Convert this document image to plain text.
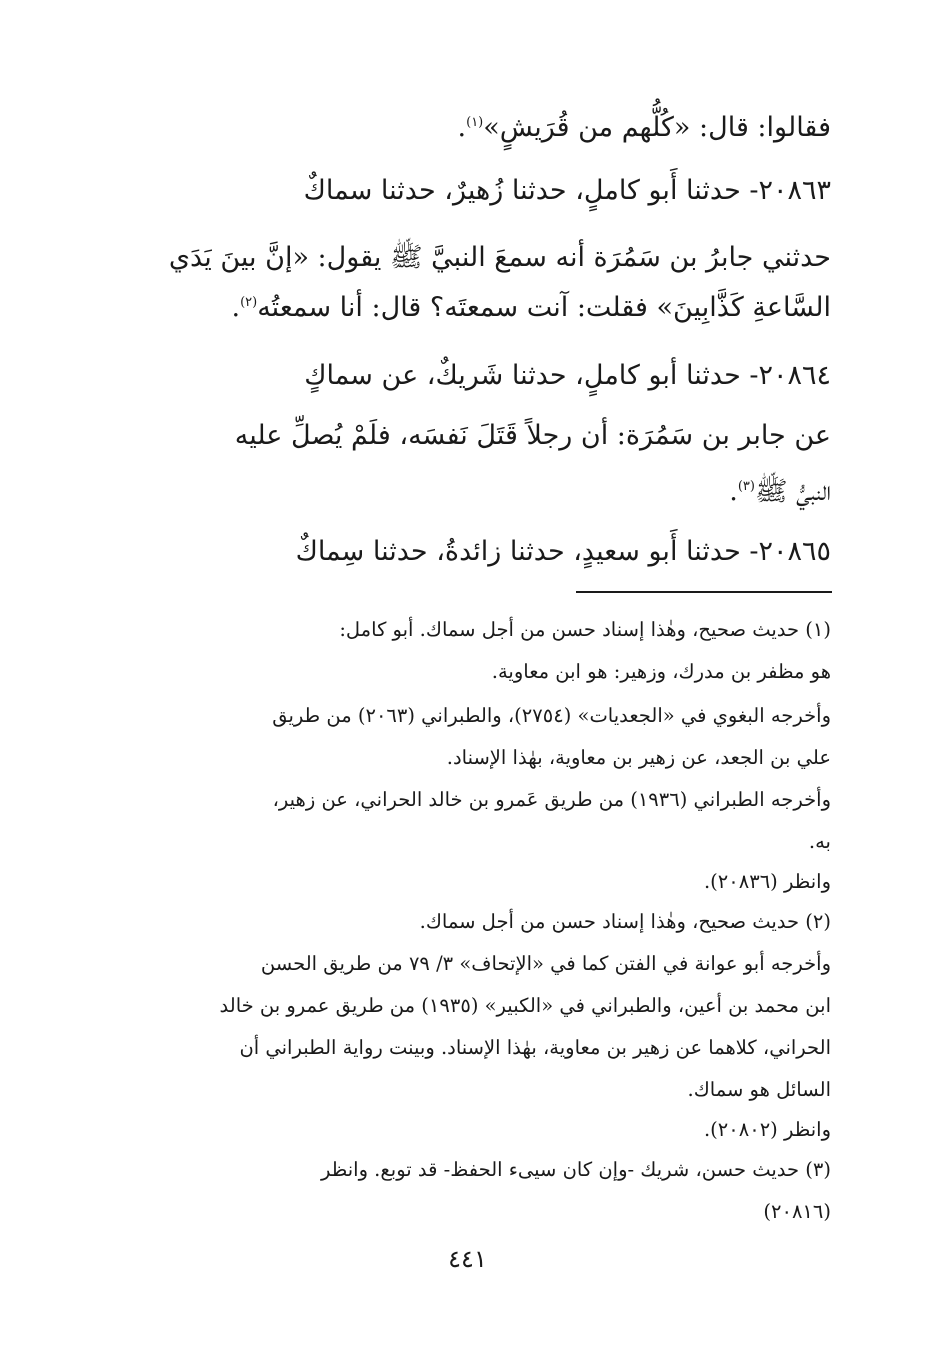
فقالوا: قال: «كُلُّهم من قُرَيشٍ»$^{(١)}$.

٢٠٨٦٣- حدثنا أَبو كاملٍ، حدثنا زُهيرٌ، حدثنا سماكٌ

حدثني جابرُ بن سَمُرَة أنه سمعَ النبيَّ ﷺ يقول: «إنَّ بينَ يَدَي

السَّاعةِ كَذَّابِينَ» فقلت: آنت سمعتَه؟ قال: أنا سمعتُه$^{(٢)}$.

٢٠٨٦٤- حدثنا أبو كاملٍ، حدثنا شَريكٌ، عن سماكٍ

عن جابر بن سَمُرَة: أن رجلاً قَتَلَ نَفسَه، فلَمْ يُصلِّ عليه

النبيُّ ﷺ$^{(٣)}$.

٢٠٨٦٥- حدثنا أَبو سعيدٍ، حدثنا زائدةُ، حدثنا سِماكٌ

(١) حديث صحيح، وهٰذا إسناد حسن من أجل سماك. أبو كامل:

هو مظفر بن مدرك، وزهير: هو ابن معاوية.

وأخرجه البغوي في «الجعديات» (٢٧٥٤)، والطبراني (٢٠٦٣) من طريق

علي بن الجعد، عن زهير بن معاوية، بهٰذا الإسناد.

وأخرجه الطبراني (١٩٣٦) من طريق عَمرو بن خالد الحراني، عن زهير،

به.

وانظر (٢٠٨٣٦).

(٢) حديث صحيح، وهٰذا إسناد حسن من أجل سماك.

وأخرجه أبو عوانة في الفتن كما في «الإتحاف» ٣/ ٧٩ من طريق الحسن

ابن محمد بن أعين، والطبراني في «الكبير» (١٩٣٥) من طريق عمرو بن خالد

الحراني، كلاهما عن زهير بن معاوية، بهٰذا الإسناد. وبينت رواية الطبراني أن

السائل هو سماك.

وانظر (٢٠٨٠٢).

(٣) حديث حسن، شريك -وإن كان سيىء الحفظ- قد توبع. وانظر

(٢٠٨١٦)

٤٤١
